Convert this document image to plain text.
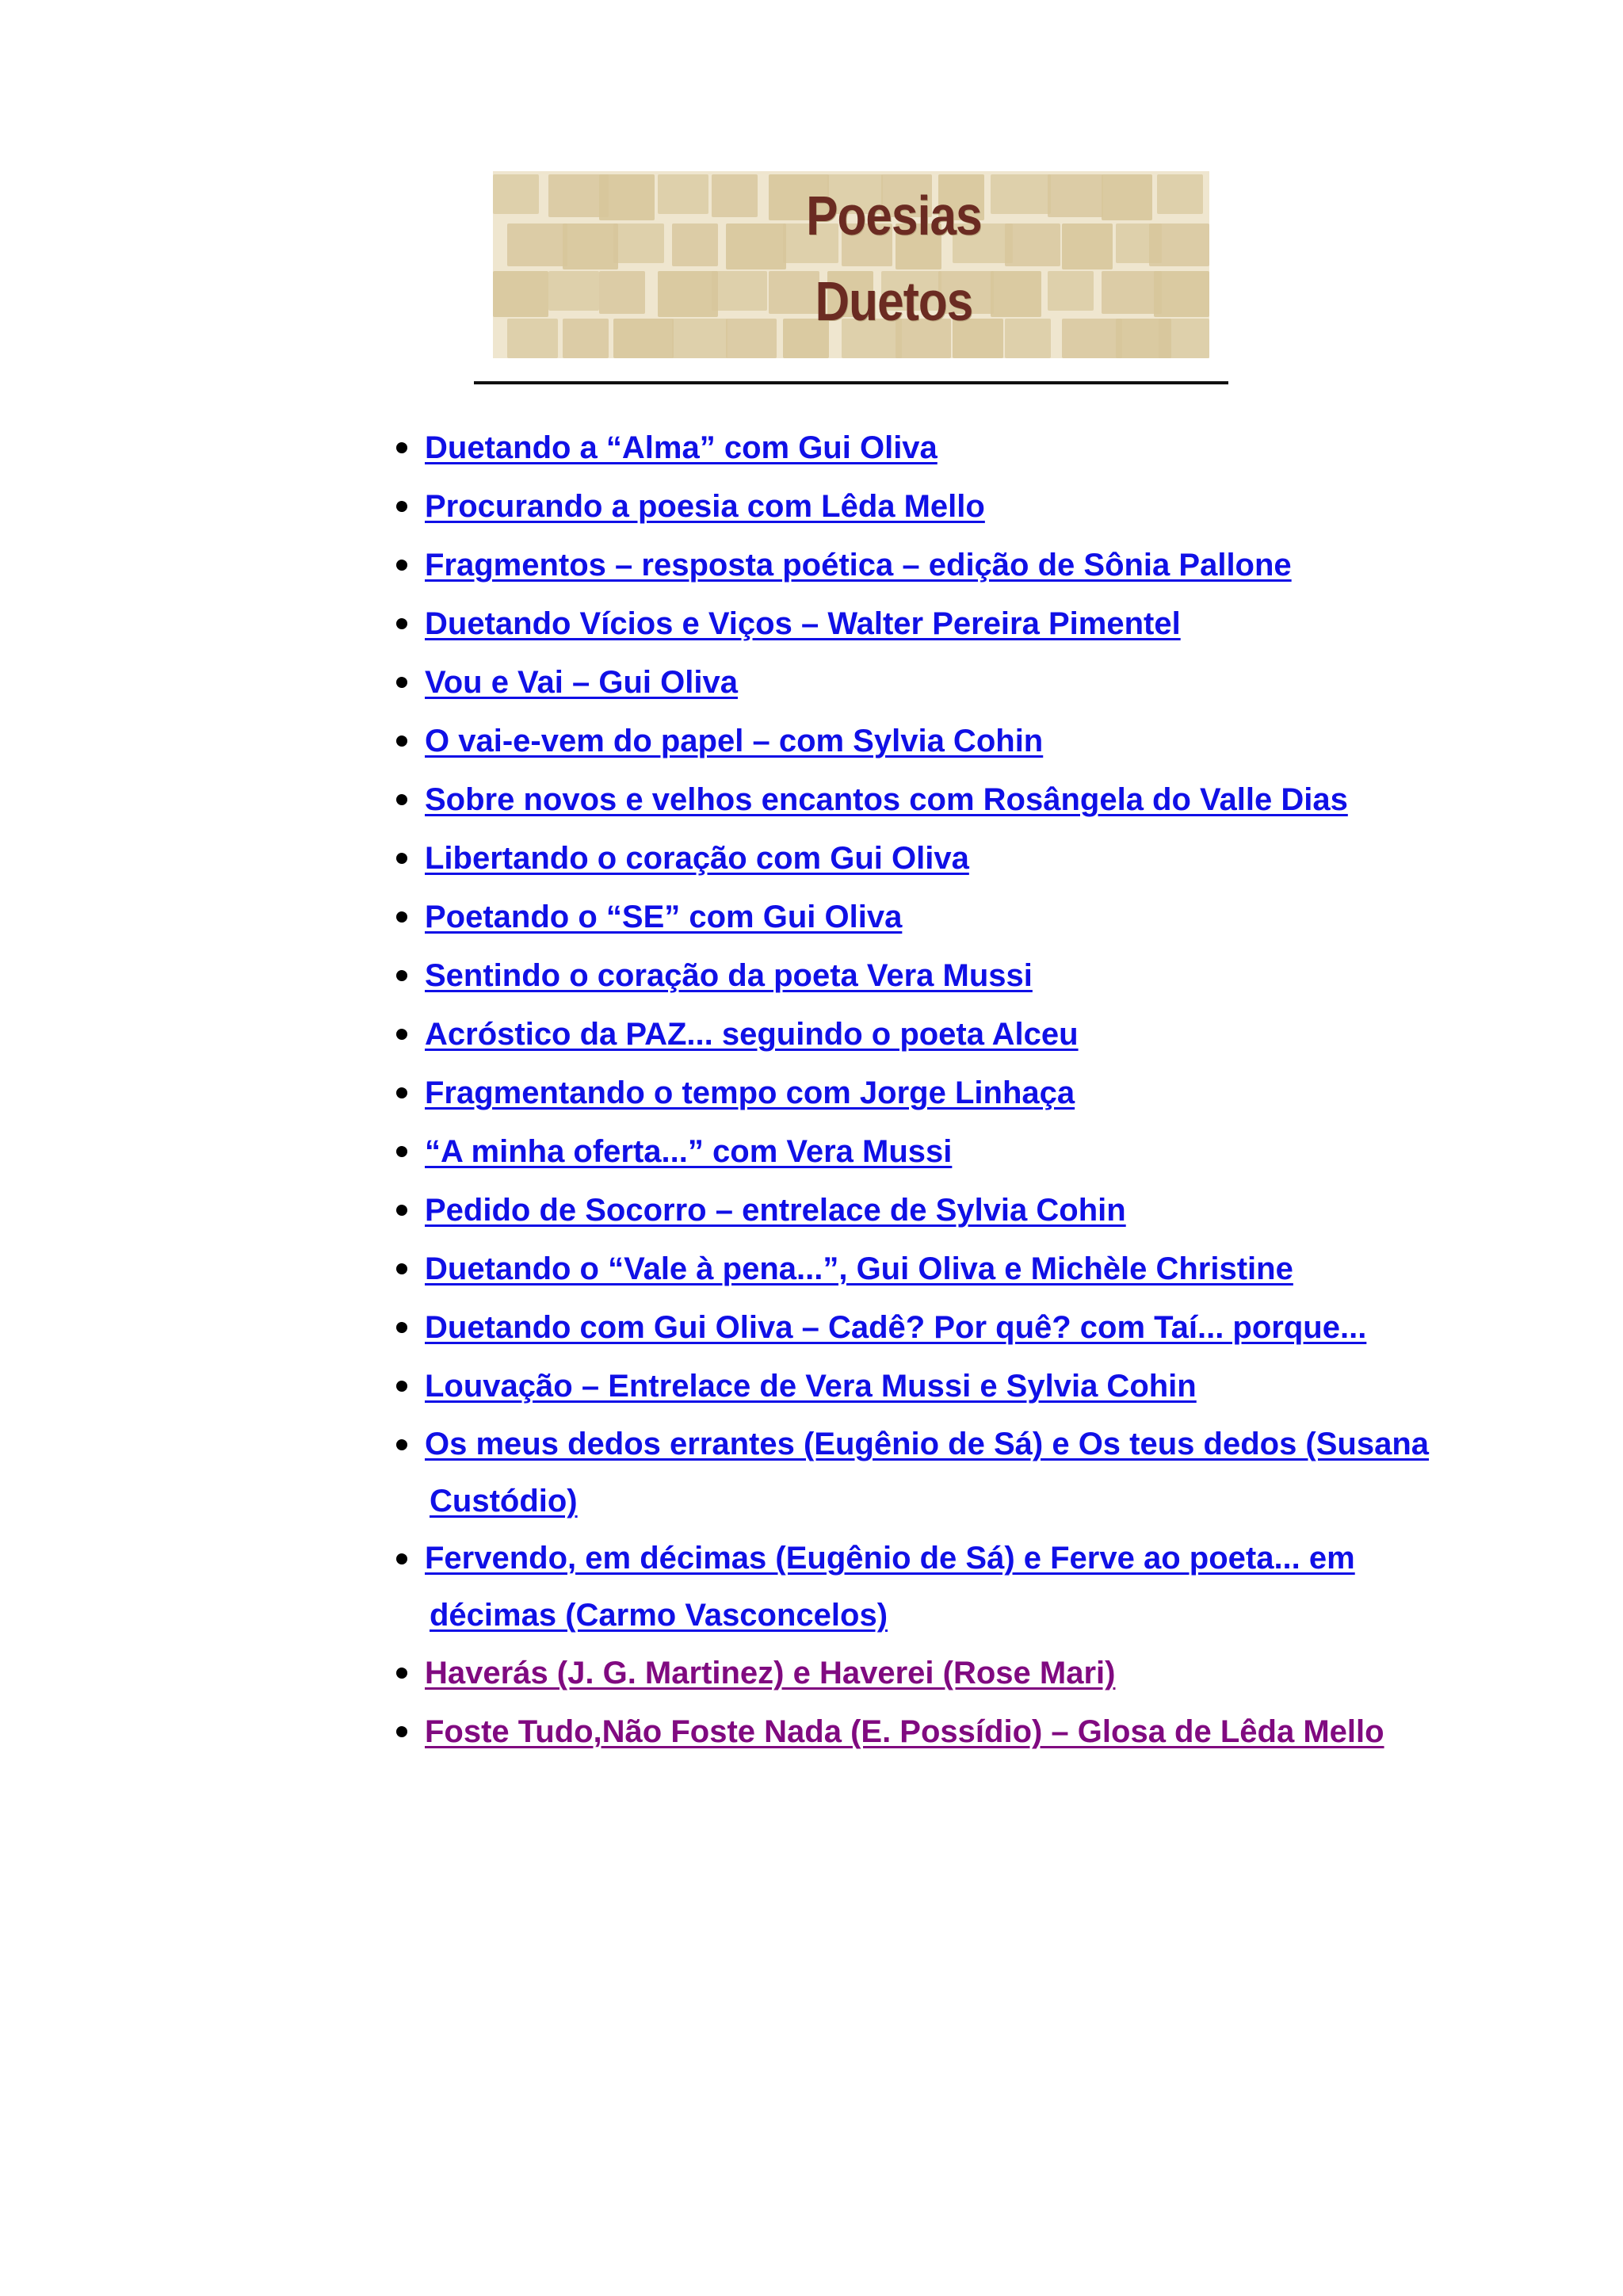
Poesias
Duetos
Duetando a “Alma” com Gui Oliva
Procurando a poesia com Lêda Mello
Fragmentos – resposta poética – edição de Sônia Pallone
Duetando Vícios e Viços – Walter Pereira Pimentel
Vou e Vai – Gui Oliva
O vai-e-vem do papel – com Sylvia Cohin
Sobre novos e velhos encantos com Rosângela do Valle Dias
Libertando o coração com Gui Oliva
Poetando o “SE” com Gui Oliva
Sentindo o coração da poeta Vera Mussi
Acróstico da PAZ... seguindo o poeta Alceu
Fragmentando o tempo com Jorge Linhaça
“A minha oferta...” com Vera Mussi
Pedido de Socorro – entrelace de Sylvia Cohin
Duetando o “Vale à pena...”, Gui Oliva e Michèle Christine
Duetando com Gui Oliva – Cadê? Por quê? com Taí... porque...
Louvação – Entrelace de Vera Mussi e Sylvia Cohin
Os meus dedos errantes (Eugênio de Sá) e Os teus dedos (Susana
Custódio)
Fervendo, em décimas (Eugênio de Sá) e Ferve ao poeta... em
décimas (Carmo Vasconcelos)
Haverás (J. G. Martinez) e Haverei (Rose Mari)
Foste Tudo,Não Foste Nada (E. Possídio) – Glosa de Lêda Mello
